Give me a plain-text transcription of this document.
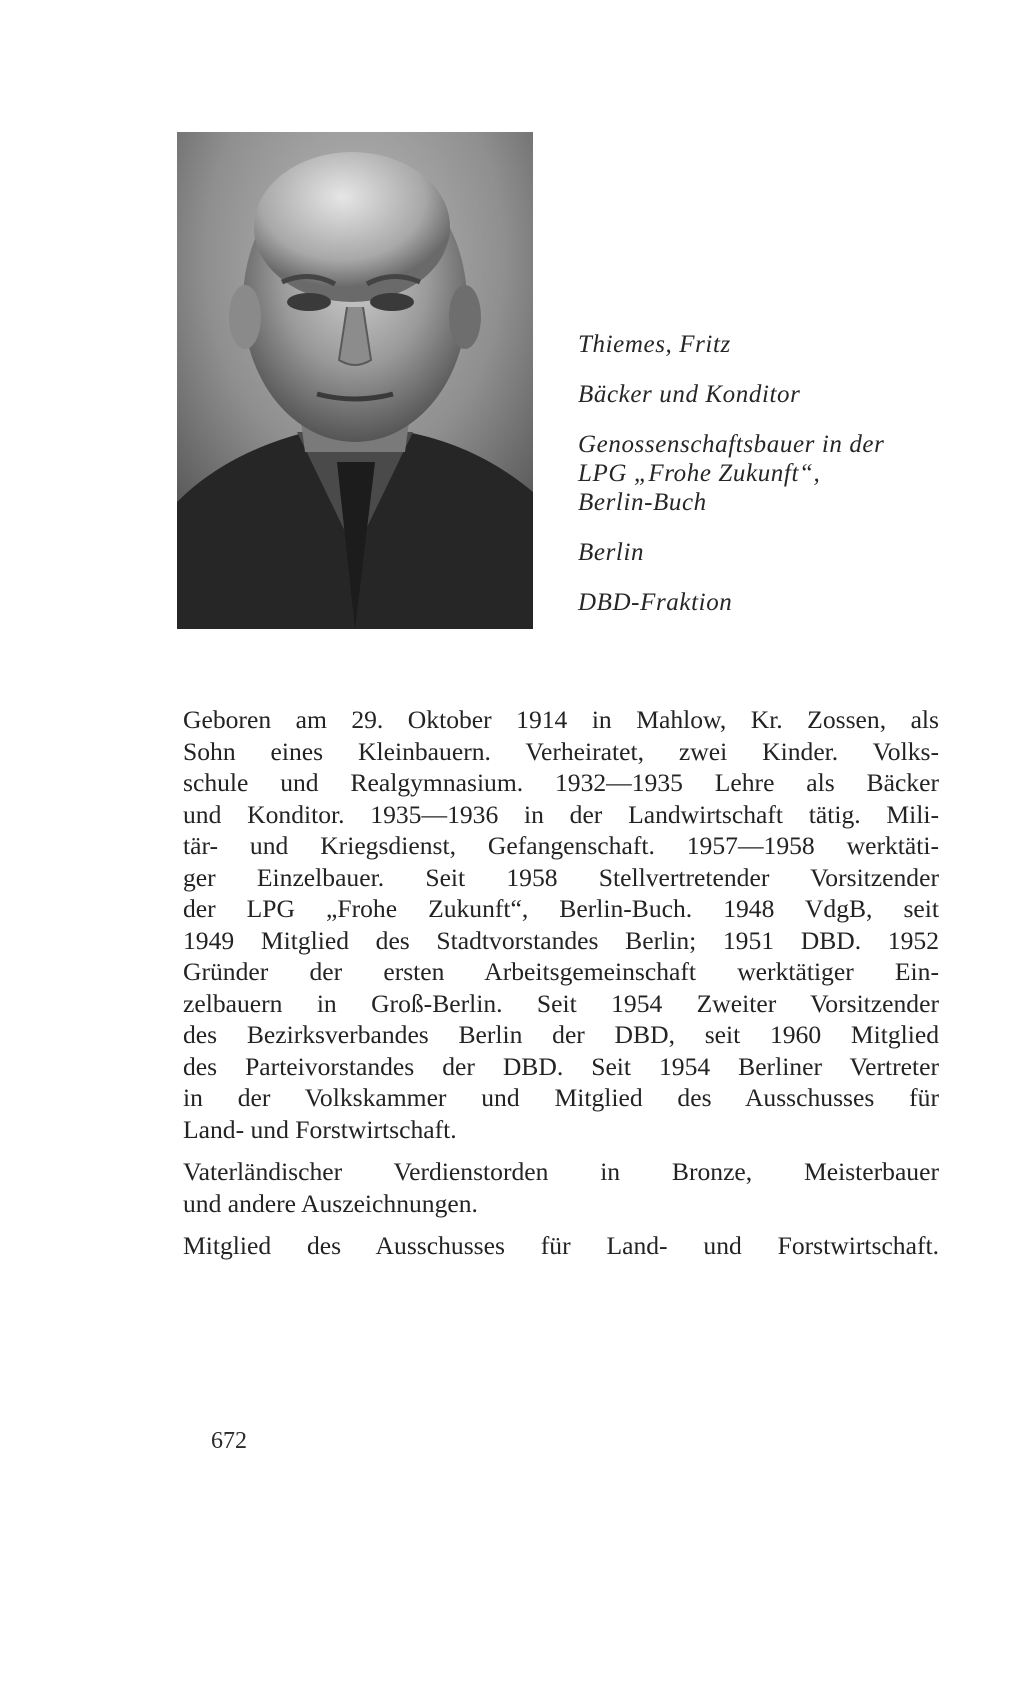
Thiemes, Fritz
Bäcker und Konditor
Genossenschaftsbauer in der
LPG „Frohe Zukunft“,
Berlin-Buch
Berlin
DBD-Fraktion

Geboren am 29. Oktober 1914 in Mahlow, Kr. Zossen, als
Sohn eines Kleinbauern. Verheiratet, zwei Kinder. Volks-
schule und Realgymnasium. 1932—1935 Lehre als Bäcker
und Konditor. 1935—1936 in der Landwirtschaft tätig. Mili-
tär- und Kriegsdienst, Gefangenschaft. 1957—1958 werktäti-
ger Einzelbauer. Seit 1958 Stellvertretender Vorsitzender
der LPG „Frohe Zukunft“, Berlin-Buch. 1948 VdgB, seit
1949 Mitglied des Stadtvorstandes Berlin; 1951 DBD. 1952
Gründer der ersten Arbeitsgemeinschaft werktätiger Ein-
zelbauern in Groß-Berlin. Seit 1954 Zweiter Vorsitzender
des Bezirksverbandes Berlin der DBD, seit 1960 Mitglied
des Parteivorstandes der DBD. Seit 1954 Berliner Vertreter
in der Volkskammer und Mitglied des Ausschusses für
Land- und Forstwirtschaft.

Vaterländischer Verdienstorden in Bronze, Meisterbauer
und andere Auszeichnungen.

Mitglied des Ausschusses für Land- und Forstwirtschaft.

672
